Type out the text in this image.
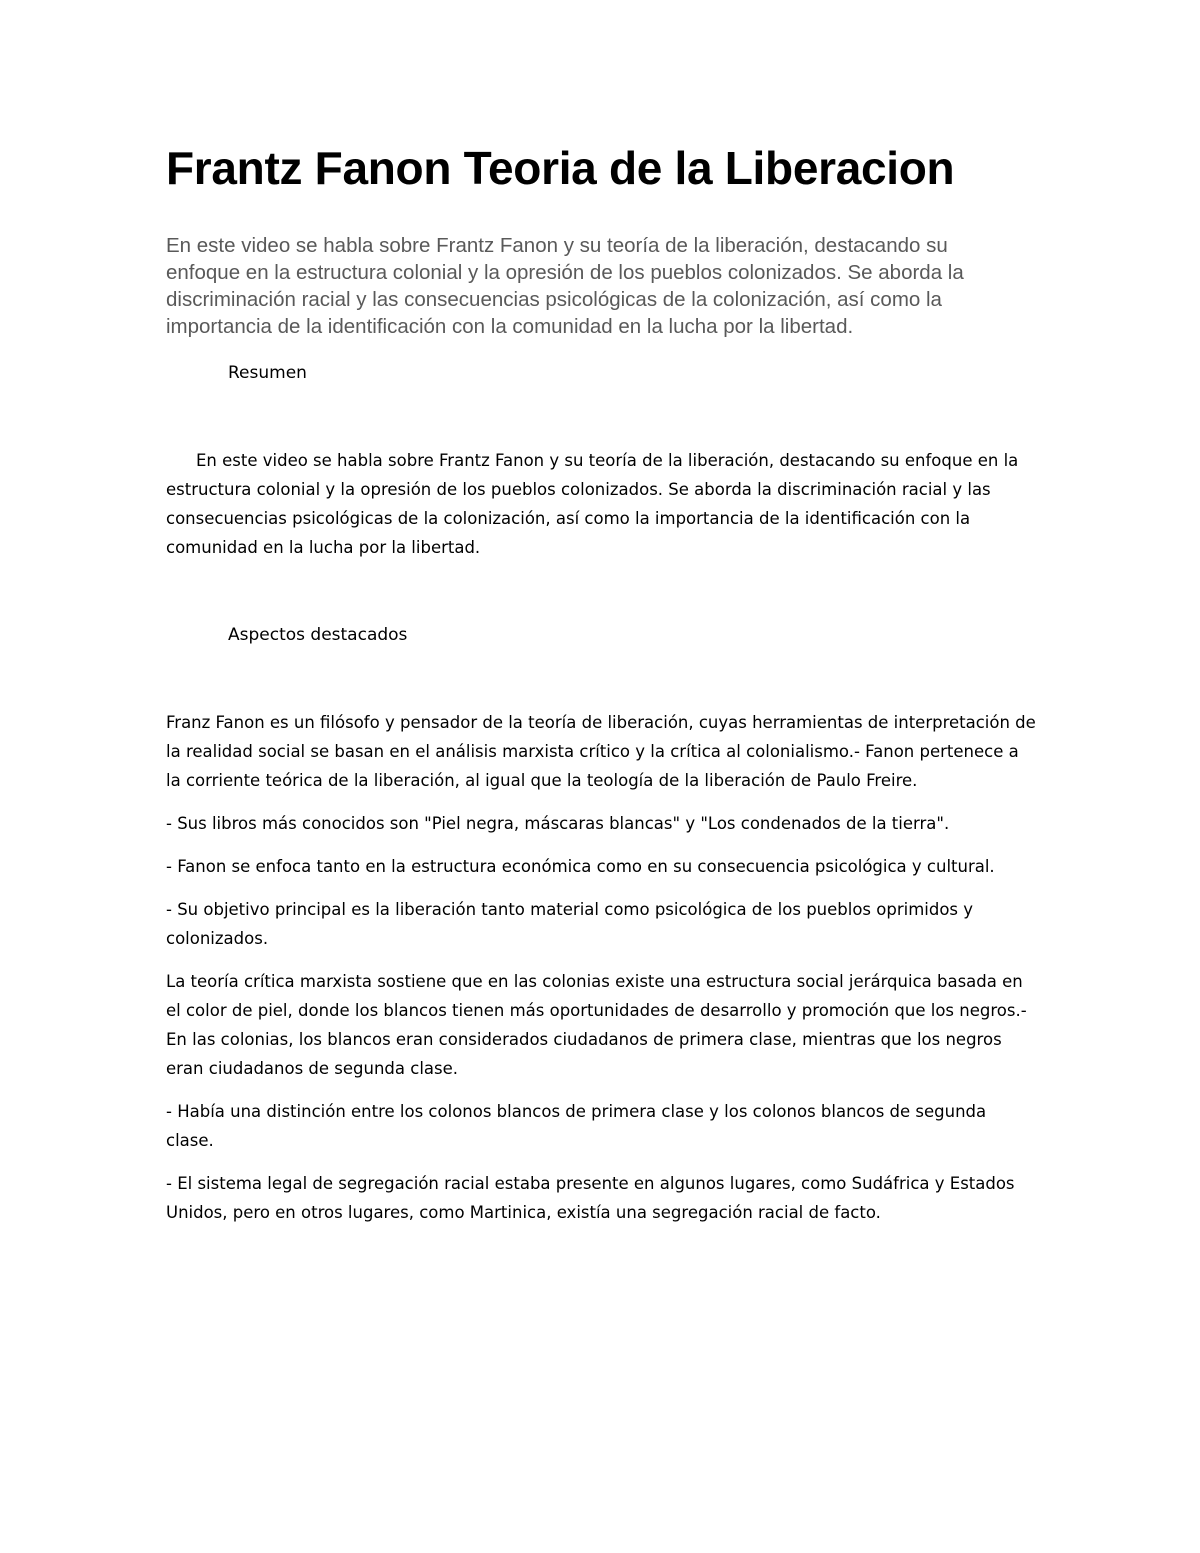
Frantz Fanon Teoria de la Liberacion

En este video se habla sobre Frantz Fanon y su teoría de la liberación, destacando su enfoque en la estructura colonial y la opresión de los pueblos colonizados. Se aborda la discriminación racial y las consecuencias psicológicas de la colonización, así como la importancia de la identificación con la comunidad en la lucha por la libertad.

Resumen

En este video se habla sobre Frantz Fanon y su teoría de la liberación, destacando su enfoque en la estructura colonial y la opresión de los pueblos colonizados. Se aborda la discriminación racial y las consecuencias psicológicas de la colonización, así como la importancia de la identificación con la comunidad en la lucha por la libertad.

Aspectos destacados

Franz Fanon es un filósofo y pensador de la teoría de liberación, cuyas herramientas de interpretación de la realidad social se basan en el análisis marxista crítico y la crítica al colonialismo.- Fanon pertenece a la corriente teórica de la liberación, al igual que la teología de la liberación de Paulo Freire.

- Sus libros más conocidos son "Piel negra, máscaras blancas" y "Los condenados de la tierra".

- Fanon se enfoca tanto en la estructura económica como en su consecuencia psicológica y cultural.

- Su objetivo principal es la liberación tanto material como psicológica de los pueblos oprimidos y colonizados.

La teoría crítica marxista sostiene que en las colonias existe una estructura social jerárquica basada en el color de piel, donde los blancos tienen más oportunidades de desarrollo y promoción que los negros.- En las colonias, los blancos eran considerados ciudadanos de primera clase, mientras que los negros eran ciudadanos de segunda clase.

- Había una distinción entre los colonos blancos de primera clase y los colonos blancos de segunda clase.

- El sistema legal de segregación racial estaba presente en algunos lugares, como Sudáfrica y Estados Unidos, pero en otros lugares, como Martinica, existía una segregación racial de facto.
